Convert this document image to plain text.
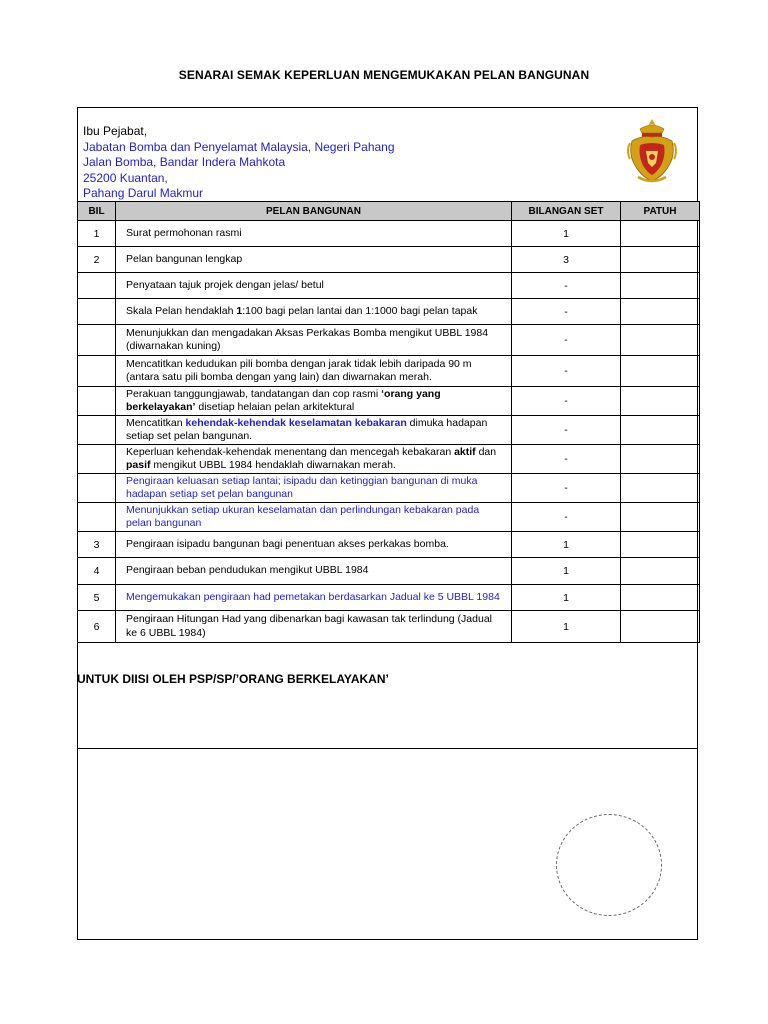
SENARAI SEMAK KEPERLUAN MENGEMUKAKAN PELAN BANGUNAN
Ibu Pejabat,
Jabatan Bomba dan Penyelamat Malaysia, Negeri Pahang
Jalan Bomba, Bandar Indera Mahkota
25200 Kuantan,
Pahang Darul Makmur
BIL	PELAN BANGUNAN	BILANGAN SET	PATUH
1	Surat permohonan rasmi	1	
2	Pelan bangunan lengkap	3	
	Penyataan tajuk projek dengan jelas/ betul	-	
	Skala Pelan hendaklah 1:100 bagi pelan lantai dan 1:1000 bagi pelan tapak	-	
	Menunjukkan dan mengadakan Aksas Perkakas Bomba mengikut UBBL 1984 (diwarnakan kuning)	-	
	Mencatitkan kedudukan pili bomba dengan jarak tidak lebih daripada 90 m (antara satu pili bomba dengan yang lain) dan diwarnakan merah.	-	
	Perakuan tanggungjawab, tandatangan dan cop rasmi ‘orang yang berkelayakan’ disetiap helaian pelan arkitektural	-	
	Mencatitkan kehendak-kehendak keselamatan kebakaran dimuka hadapan setiap set pelan bangunan.	-	
	Keperluan kehendak-kehendak menentang dan mencegah kebakaran aktif dan pasif mengikut UBBL 1984 hendaklah diwarnakan merah.	-	
	Pengiraan keluasan setiap lantai; isipadu dan ketinggian bangunan di muka hadapan setiap set pelan bangunan	-	
	Menunjukkan setiap ukuran keselamatan dan perlindungan kebakaran pada pelan bangunan	-	
3	Pengiraan isipadu bangunan bagi penentuan akses perkakas bomba.	1	
4	Pengiraan beban pendudukan mengikut UBBL 1984	1	
5	Mengemukakan pengiraan had pemetakan berdasarkan Jadual ke 5 UBBL 1984	1	
6	Pengiraan Hitungan Had yang dibenarkan bagi kawasan tak terlindung (Jadual ke 6 UBBL 1984)	1	
UNTUK DIISI OLEH PSP/SP/’ORANG BERKELAYAKAN’
